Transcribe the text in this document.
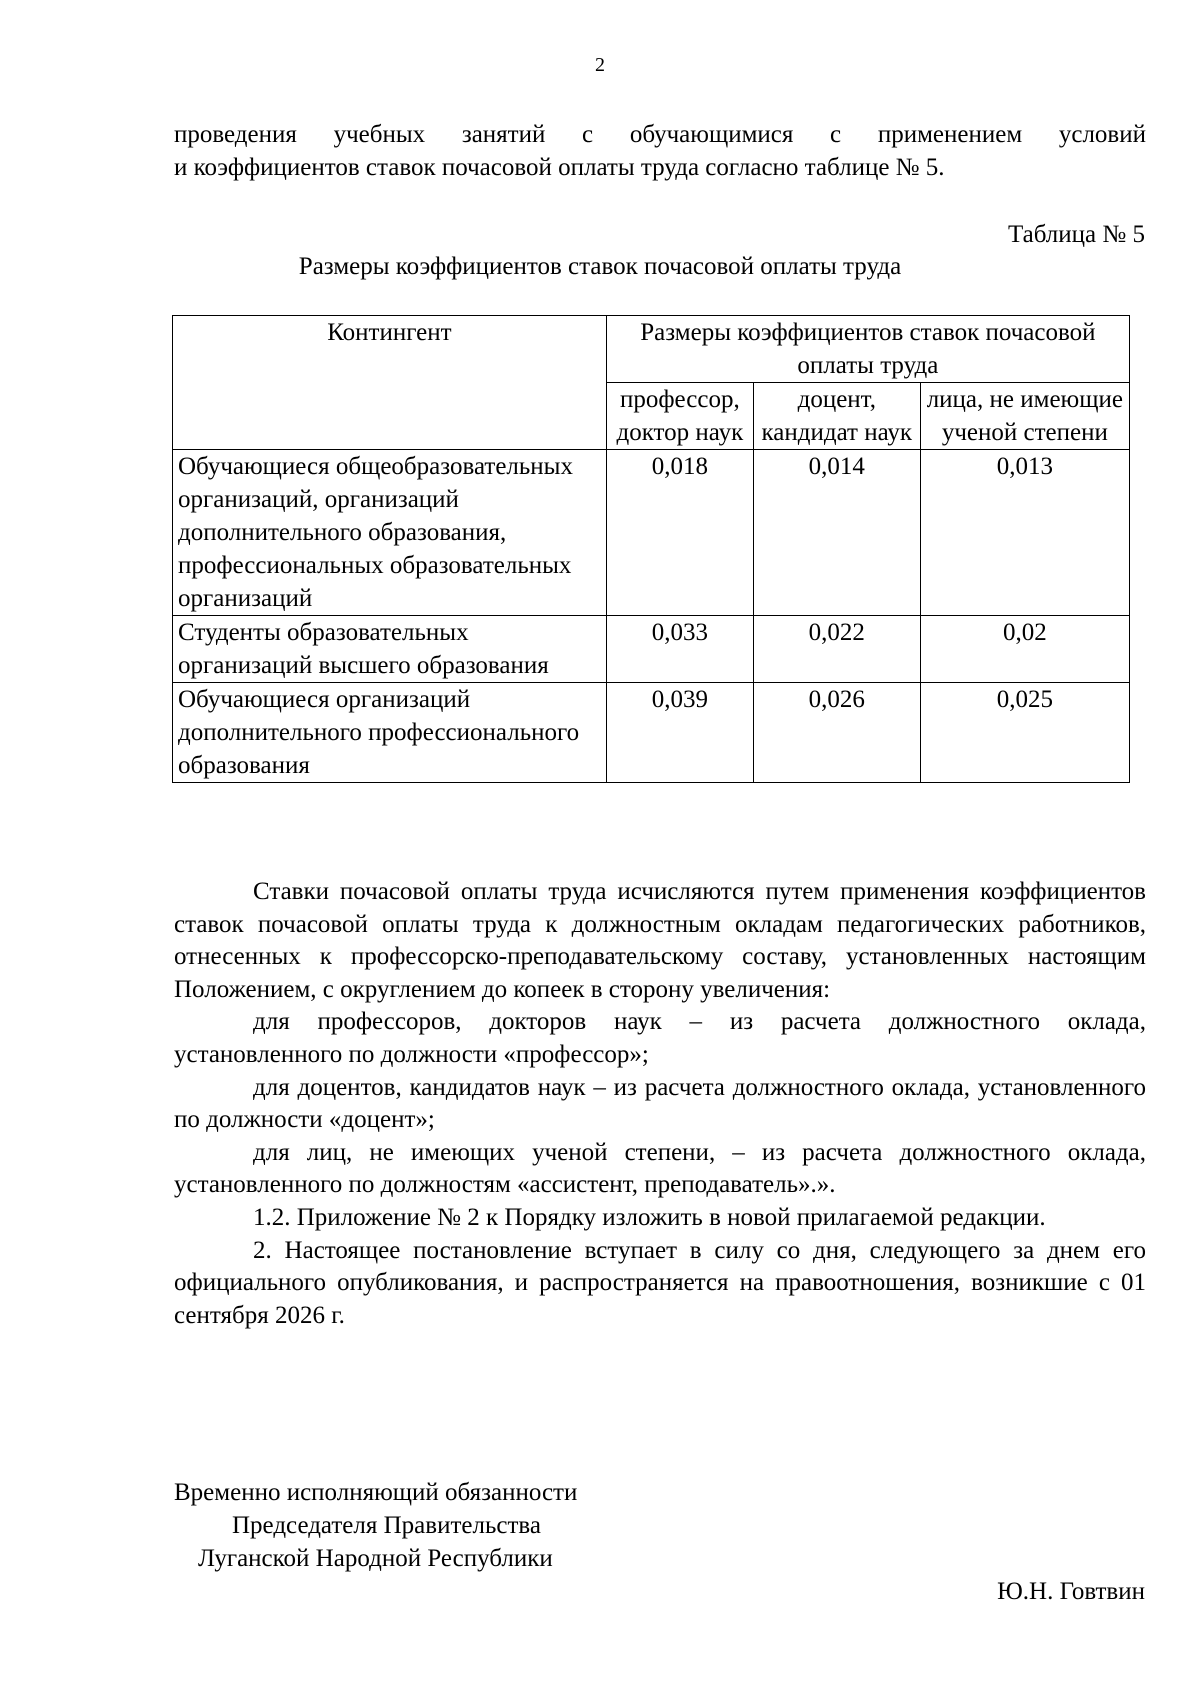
2

проведения учебных занятий с обучающимися с применением условий
и коэффициентов ставок почасовой оплаты труда согласно таблице № 5.

Таблица № 5
Размеры коэффициентов ставок почасовой оплаты труда
Контингент	Размеры коэффициентов ставок почасовой оплаты труда		
	профессор, доктор наук	доцент, кандидат наук	лица, не имеющие ученой степени
Обучающиеся общеобразовательных организаций, организаций дополнительного образования, профессиональных образовательных организаций	0,018	0,014	0,013
Студенты образовательных организаций высшего образования	0,033	0,022	0,02
Обучающиеся организаций дополнительного профессионального образования	0,039	0,026	0,025

Ставки почасовой оплаты труда исчисляются путем применения коэффициентов ставок почасовой оплаты труда к должностным окладам педагогических работников, отнесенных к профессорско-преподавательскому составу, установленных настоящим Положением, с округлением до копеек в сторону увеличения:

для профессоров, докторов наук – из расчета должностного оклада, установленного по должности «профессор»;

для доцентов, кандидатов наук – из расчета должностного оклада, установленного по должности «доцент»;

для лиц, не имеющих ученой степени, – из расчета должностного оклада, установленного по должностям «ассистент, преподаватель».».

1.2. Приложение № 2 к Порядку изложить в новой прилагаемой редакции.

2. Настоящее постановление вступает в силу со дня, следующего за днем его официального опубликования, и распространяется на правоотношения, возникшие с 01 сентября 2026 г.

Временно исполняющий обязанности
Председателя Правительства
Луганской Народной Республики
Ю.Н. Говтвин
